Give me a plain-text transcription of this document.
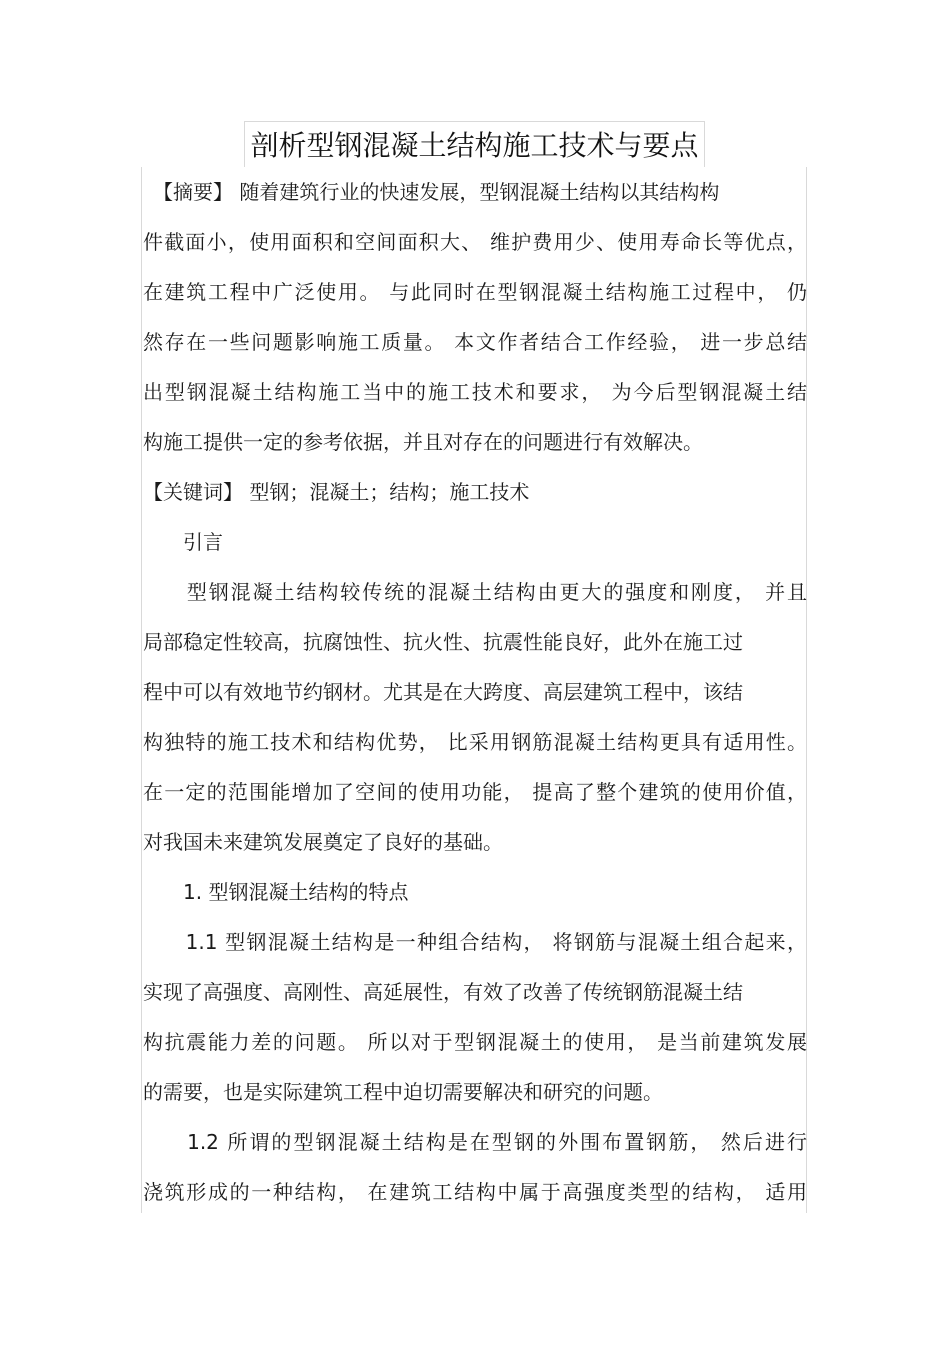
剖析型钢混凝土结构施工技术与要点
　【摘要】 随着建筑行业的快速发展，型钢混凝土结构以其结构构
件截面小，使用面积和空间面积大、 维护费用少、使用寿命长等优点，
在建筑工程中广泛使用。 与此同时在型钢混凝土结构施工过程中， 仍
然存在一些问题影响施工质量。 本文作者结合工作经验， 进一步总结
出型钢混凝土结构施工当中的施工技术和要求， 为今后型钢混凝土结
构施工提供一定的参考依据，并且对存在的问题进行有效解决。
【关键词】 型钢；混凝土；结构；施工技术
　　引言
　　型钢混凝土结构较传统的混凝土结构由更大的强度和刚度， 并且
局部稳定性较高，抗腐蚀性、抗火性、抗震性能良好，此外在施工过
程中可以有效地节约钢材。尤其是在大跨度、高层建筑工程中，该结
构独特的施工技术和结构优势， 比采用钢筋混凝土结构更具有适用性。
在一定的范围能增加了空间的使用功能， 提高了整个建筑的使用价值，
对我国未来建筑发展奠定了良好的基础。
　　1. 型钢混凝土结构的特点
　　1.1 型钢混凝土结构是一种组合结构， 将钢筋与混凝土组合起来，
实现了高强度、高刚性、高延展性，有效了改善了传统钢筋混凝土结
构抗震能力差的问题。 所以对于型钢混凝土的使用， 是当前建筑发展
的需要，也是实际建筑工程中迫切需要解决和研究的问题。
　　1.2 所谓的型钢混凝土结构是在型钢的外围布置钢筋， 然后进行
浇筑形成的一种结构， 在建筑工结构中属于高强度类型的结构， 适用
